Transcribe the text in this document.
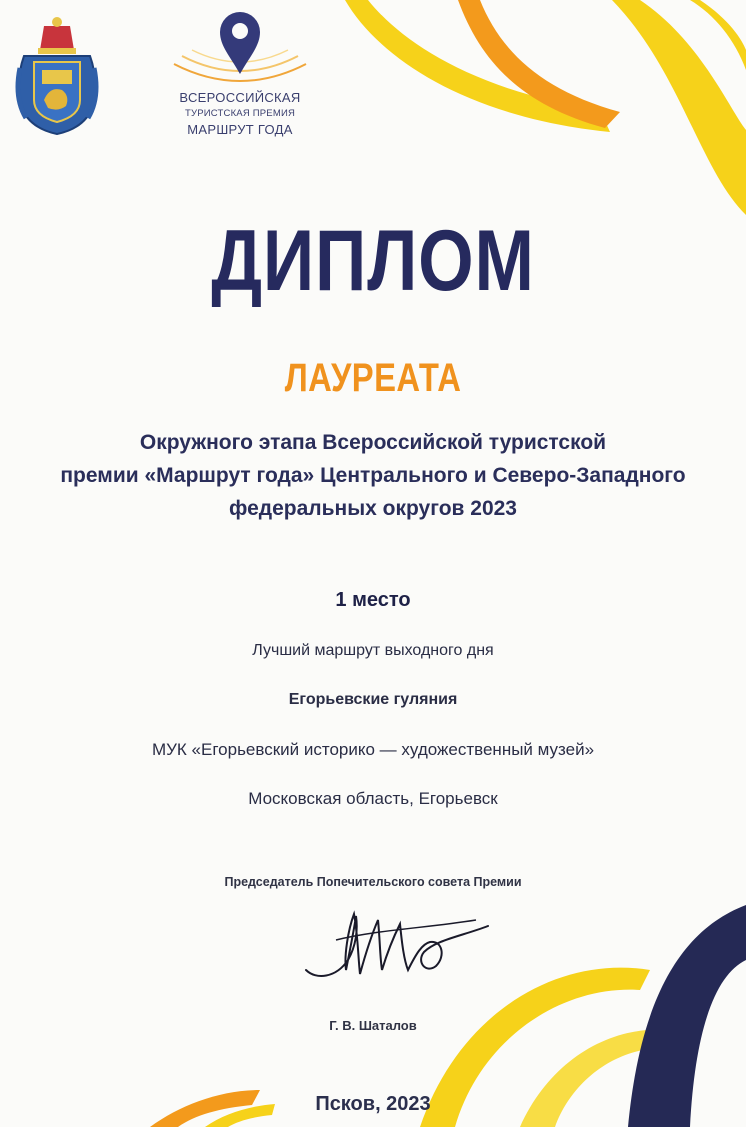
ВСЕРОССИЙСКАЯ
ТУРИСТСКАЯ ПРЕМИЯ
МАРШРУТ ГОДА
ДИПЛОМ
ЛАУРЕАТА
Окружного этапа Всероссийской туристской
премии «Маршрут года» Центрального и Северо-Западного
федеральных округов 2023
1 место
Лучший маршрут выходного дня
Егорьевские гуляния
МУК «Егорьевский историко — художественный музей»
Московская область, Егорьевск
Председатель Попечительского совета Премии
Г. В. Шаталов
Псков, 2023
